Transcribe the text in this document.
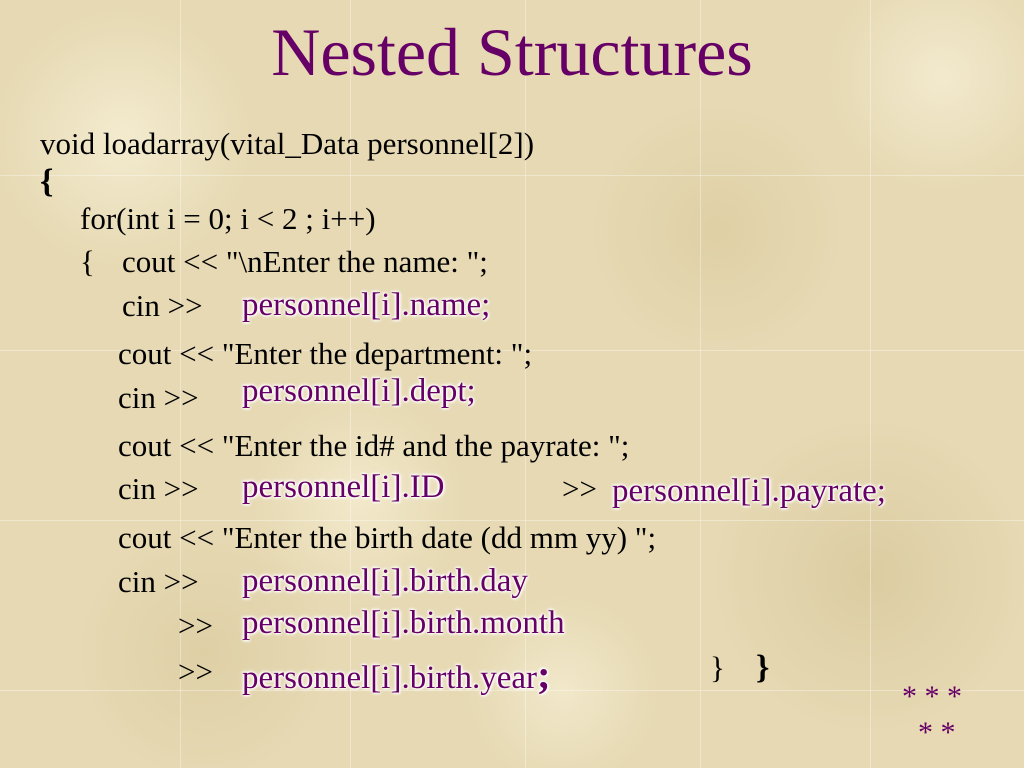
Nested Structures
void loadarray(vital_Data personnel[2])
{
for(int i = 0; i < 2 ; i++)
{ cout << "\nEnter the name: ";
cin >> personnel[i].name;
cout << "Enter the department: ";
cin >> personnel[i].dept;
cout << "Enter the id# and the payrate: ";
cin >> personnel[i].ID	>> personnel[i].payrate;
cout << "Enter the birth date (dd mm yy) ";
cin >> personnel[i].birth.day
>> personnel[i].birth.month
>> personnel[i].birth.year;	} }
* * *
* *
